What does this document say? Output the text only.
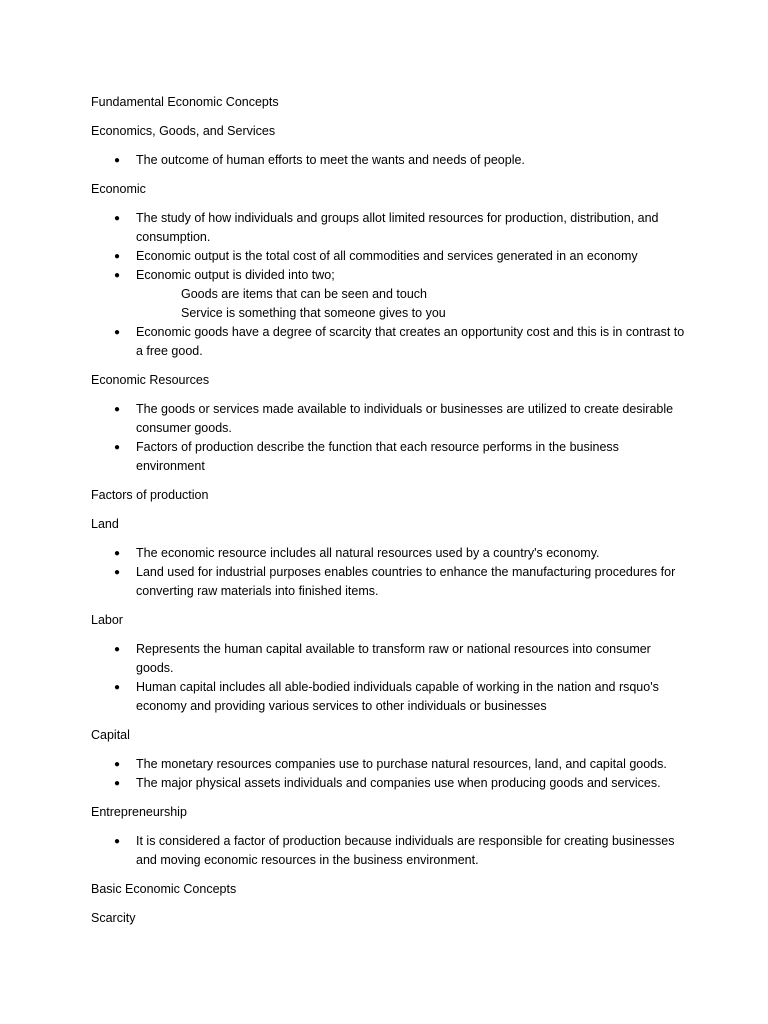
Fundamental Economic Concepts

Economics, Goods, and Services

● The outcome of human efforts to meet the wants and needs of people.

Economic

● The study of how individuals and groups allot limited resources for production, distribution, and consumption.
● Economic output is the total cost of all commodities and services generated in an economy
● Economic output is divided into two;
Goods are items that can be seen and touch
Service is something that someone gives to you
● Economic goods have a degree of scarcity that creates an opportunity cost and this is in contrast to a free good.

Economic Resources

● The goods or services made available to individuals or businesses are utilized to create desirable consumer goods.
● Factors of production describe the function that each resource performs in the business environment

Factors of production

Land

● The economic resource includes all natural resources used by a country's economy.
● Land used for industrial purposes enables countries to enhance the manufacturing procedures for converting raw materials into finished items.

Labor

● Represents the human capital available to transform raw or national resources into consumer goods.
● Human capital includes all able-bodied individuals capable of working in the nation and rsquo's economy and providing various services to other individuals or businesses

Capital

● The monetary resources companies use to purchase natural resources, land, and capital goods.
● The major physical assets individuals and companies use when producing goods and services.

Entrepreneurship

● It is considered a factor of production because individuals are responsible for creating businesses and moving economic resources in the business environment.

Basic Economic Concepts

Scarcity
